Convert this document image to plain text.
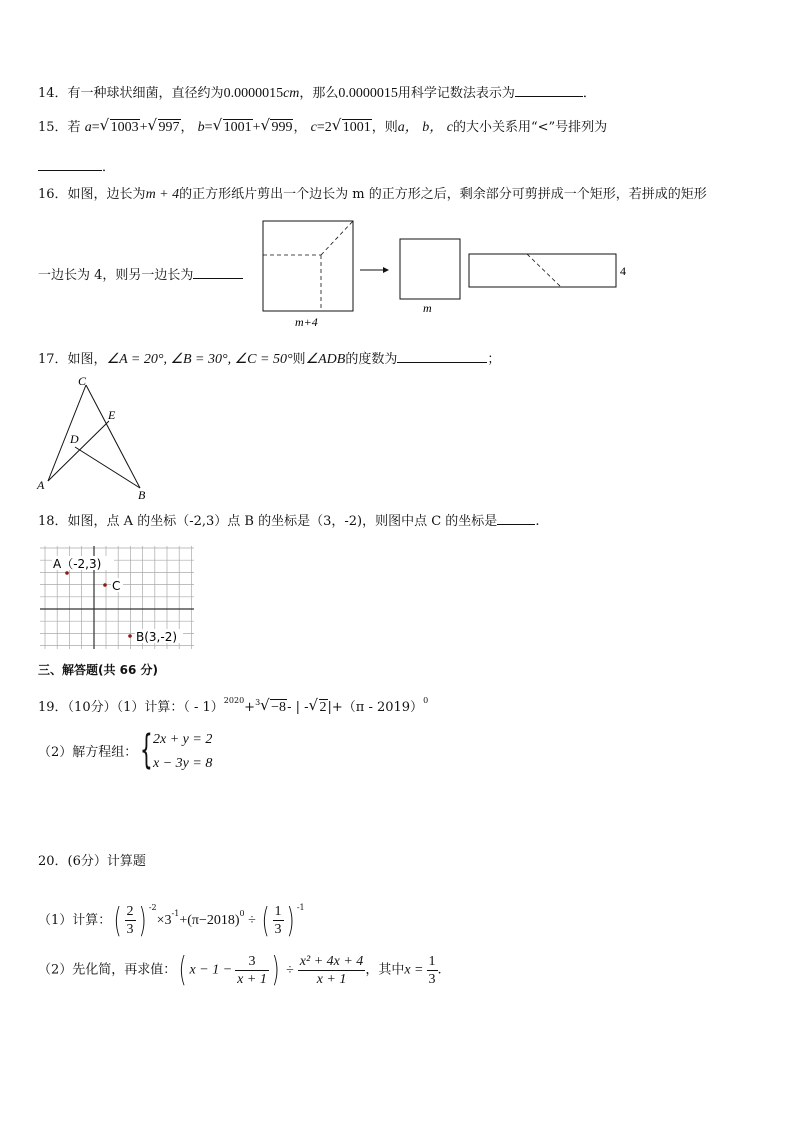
14．有一种球状细菌，直径约为0.0000015cm，那么0.0000015用科学记数法表示为	．
15．若 a= √ 1003+ √ 997， b= √ 1001+ √ 999， c=2 √ 1001，则a， b， c的大小关系用“<”号排列为
．
16．如图，边长为m + 4的正方形纸片剪出一个边长为 m 的正方形之后，剩余部分可剪拼成一个矩形，若拼成的矩形
一边长为 4，则另一边长为
m+4
m
4
17．如图，∠A = 20°, ∠B = 30°, ∠C = 50°则∠ADB的度数为	；
C
E
D
A
B
18．如图，点 A 的坐标（-2,3）点 B 的坐标是（3，-2)，则图中点 C 的坐标是	.
A（-2,3)
C
B(3,-2)
三、解答题(共 66 分)
19．（10分）（1）计算：（ - 1）$^{2020}$+$^3$ √ −8- | - √ 2|+（π - 2019）$^0$
（2）解方程组： { 2x + y = 2
x − 3y = 8
20．(6分）计算题
（1）计算：( $\frac{2}{3}$ ) $^{-2}\times 3^{-1}+(\pi-2018)^0$ ÷ ( $\frac{1}{3}$ ) $^{-1}$
（2）先化简，再求值：( $x - 1 - \frac{3}{x + 1}$ ) ÷ $\frac{\text{x² + 4x + 4}}{x + 1}$ ，其中$x = \frac{1}{3}$ .
